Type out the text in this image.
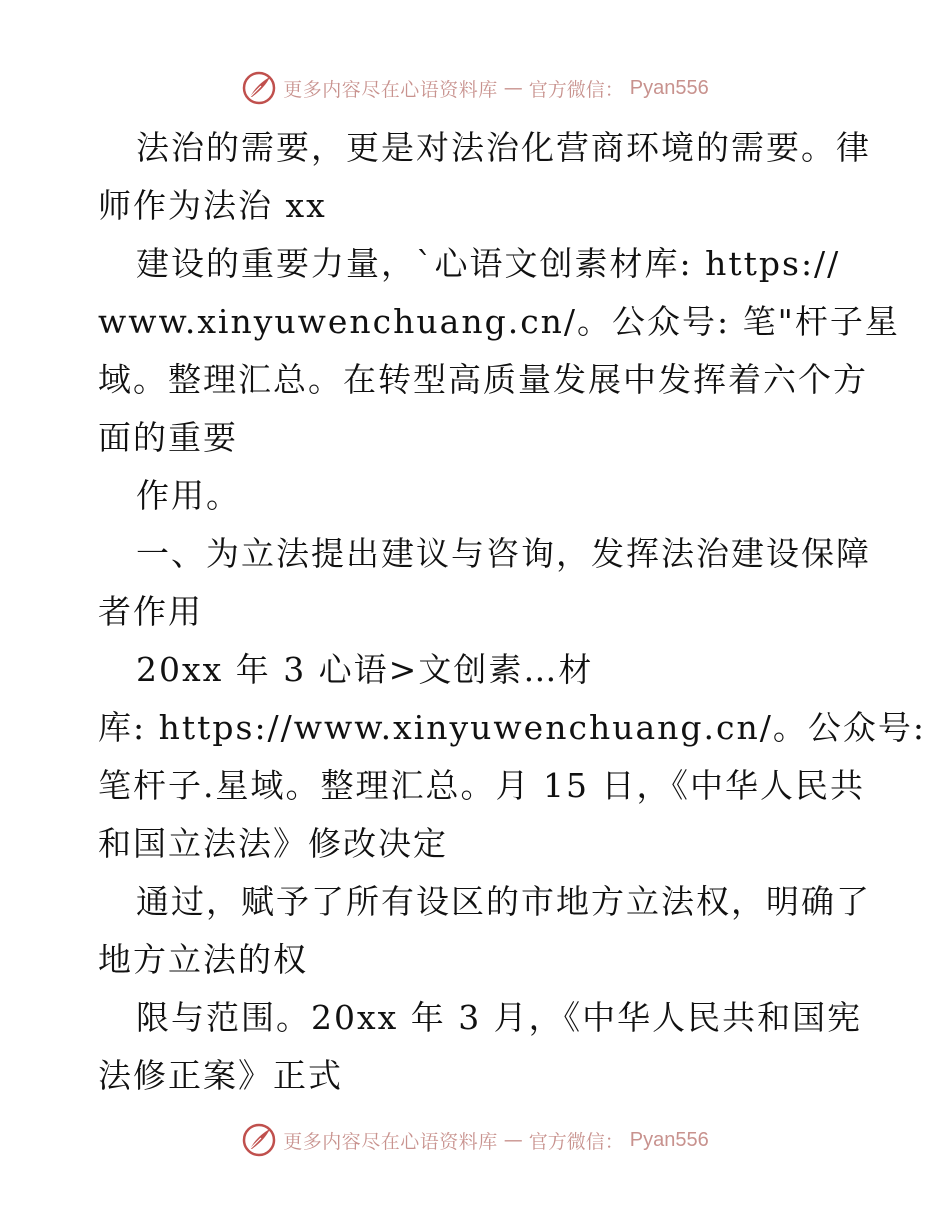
更多内容尽在心语资料库 — 官方微信： Pyan556
法治的需要，更是对法治化营商环境的需要。律
师作为法治 xx
建设的重要力量，`心语文创素材库: https://
www.xinyuwenchuang.cn/。公众号: 笔"杆子星
域。整理汇总。在转型高质量发展中发挥着六个方
面的重要
作用。
一、为立法提出建议与咨询，发挥法治建设保障
者作用
20xx 年 3 心语>文创素…材
库: https://www.xinyuwenchuang.cn/。公众号:
笔杆子.星域。整理汇总。月 15 日，《中华人民共
和国立法法》修改决定
通过，赋予了所有设区的市地方立法权，明确了
地方立法的权
限与范围。20xx 年 3 月，《中华人民共和国宪
法修正案》正式
更多内容尽在心语资料库 — 官方微信： Pyan556
